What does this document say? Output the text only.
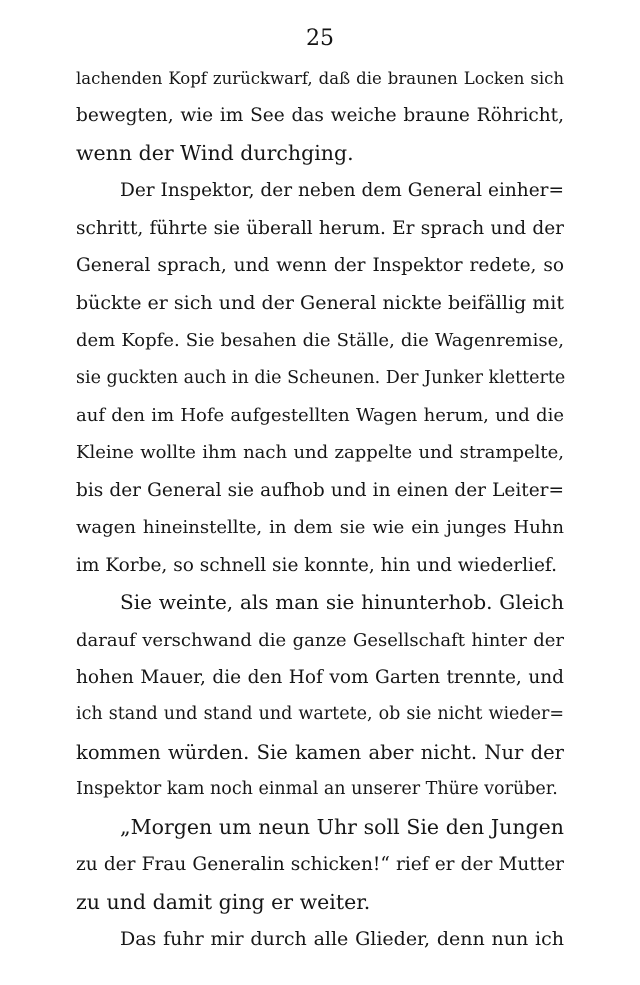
25
lachenden Kopf zurückwarf, daß die braunen Locken sich
bewegten, wie im See das weiche braune Röhricht,
wenn der Wind durchging.
Der Inspektor, der neben dem General einher=
schritt, führte sie überall herum. Er sprach und der
General sprach, und wenn der Inspektor redete, so
bückte er sich und der General nickte beifällig mit
dem Kopfe. Sie besahen die Ställe, die Wagenremise,
sie guckten auch in die Scheunen. Der Junker kletterte
auf den im Hofe aufgestellten Wagen herum, und die
Kleine wollte ihm nach und zappelte und strampelte,
bis der General sie aufhob und in einen der Leiter=
wagen hineinstellte, in dem sie wie ein junges Huhn
im Korbe, so schnell sie konnte, hin und wiederlief.
Sie weinte, als man sie hinunterhob. Gleich
darauf verschwand die ganze Gesellschaft hinter der
hohen Mauer, die den Hof vom Garten trennte, und
ich stand und stand und wartete, ob sie nicht wieder=
kommen würden. Sie kamen aber nicht. Nur der
Inspektor kam noch einmal an unserer Thüre vorüber.
„Morgen um neun Uhr soll Sie den Jungen
zu der Frau Generalin schicken!“ rief er der Mutter
zu und damit ging er weiter.
Das fuhr mir durch alle Glieder, denn nun ich
